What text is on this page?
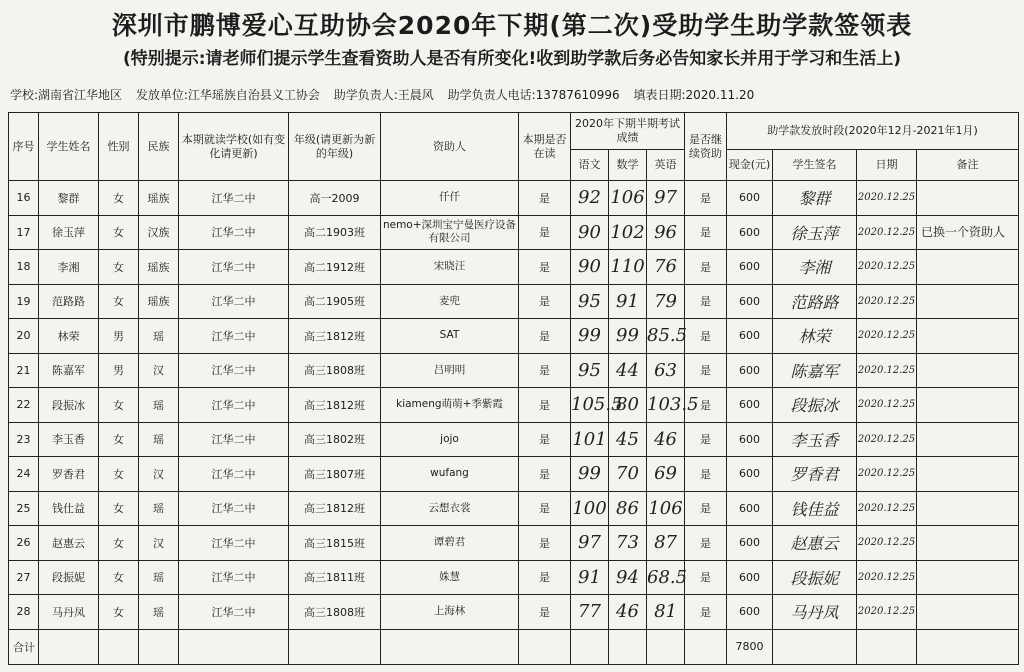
深圳市鹏博爱心互助协会2020年下期(第二次)受助学生助学款签领表
(特别提示:请老师们提示学生查看资助人是否有所变化!收到助学款后务必告知家长并用于学习和生活上)
学校:湖南省江华地区 发放单位:江华瑶族自治县义工协会 助学负责人:王晨风 助学负责人电话:13787610996 填表日期:2020.11.20
序号	学生姓名	性别	民族	本期就读学校(如有变化请更新)	年级(请更新为新的年级)	资助人	本期是否在读	2020年下期半期考试成绩			是否继续资助	助学款发放时段(2020年12月-2021年1月)			
								语文	数学	英语		现金(元)	学生签名	日期	备注
16	黎群	女	瑶族	江华二中	高一2009	仟仟	是	92	106	97	是	600	黎群	2020.12.25	
17	徐玉萍	女	汉族	江华二中	高二1903班	nemo+深圳宝宁曼医疗设备有限公司	是	90	102	96	是	600	徐玉萍	2020.12.25	已换一个资助人
18	李湘	女	瑶族	江华二中	高二1912班	宋晓汪	是	90	110	76	是	600	李湘	2020.12.25	
19	范路路	女	瑶族	江华二中	高二1905班	麦兜	是	95	91	79	是	600	范路路	2020.12.25	
20	林荣	男	瑶	江华二中	高三1812班	SAT	是	99	99	85.5	是	600	林荣	2020.12.25	
21	陈嘉军	男	汉	江华二中	高三1808班	吕明明	是	95	44	63	是	600	陈嘉军	2020.12.25	
22	段振冰	女	瑶	江华二中	高三1812班	kiameng萌萌+季紫霞	是	105.5	80	103.5	是	600	段振冰	2020.12.25	
23	李玉香	女	瑶	江华二中	高三1802班	jojo	是	101	45	46	是	600	李玉香	2020.12.25	
24	罗香君	女	汉	江华二中	高三1807班	wufang	是	99	70	69	是	600	罗香君	2020.12.25	
25	钱仕益	女	瑶	江华二中	高三1812班	云想衣裳	是	100	86	106	是	600	钱佳益	2020.12.25	
26	赵惠云	女	汉	江华二中	高三1815班	谭碧君	是	97	73	87	是	600	赵惠云	2020.12.25	
27	段振妮	女	瑶	江华二中	高三1811班	姝慧	是	91	94	68.5	是	600	段振妮	2020.12.25	
28	马丹凤	女	瑶	江华二中	高三1808班	上海林	是	77	46	81	是	600	马丹凤	2020.12.25	
合计												7800			
